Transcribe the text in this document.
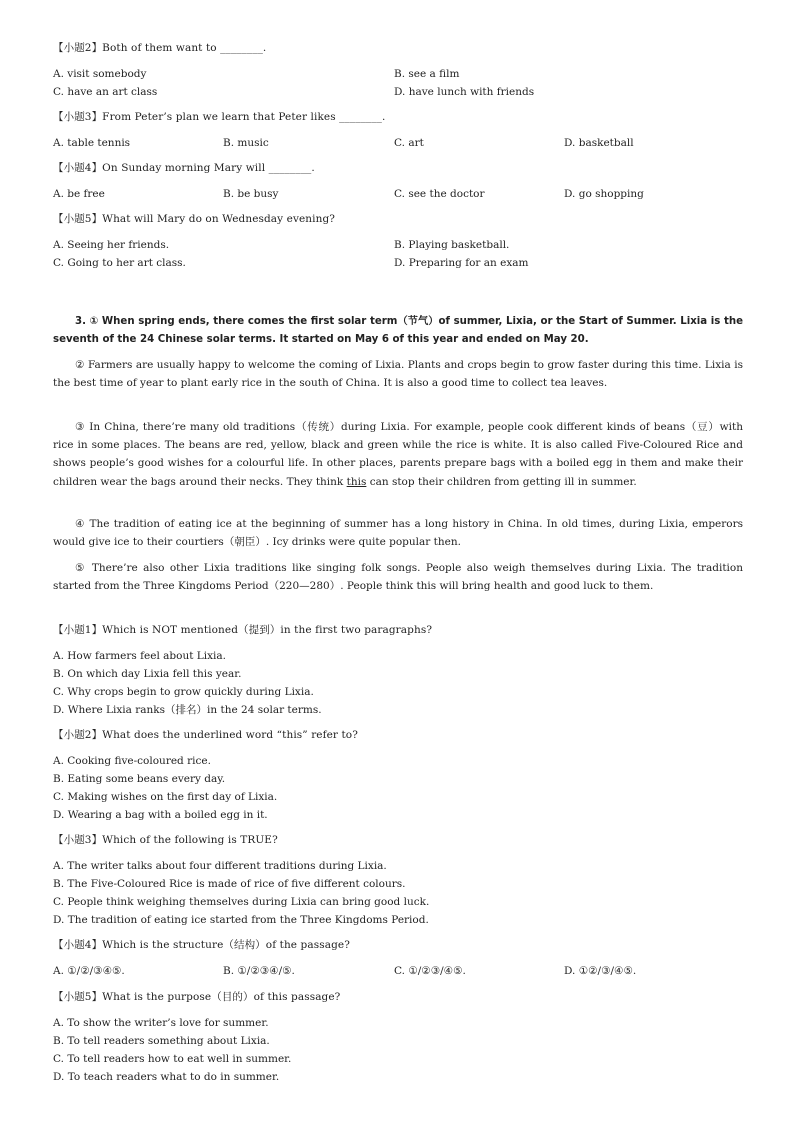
【小题2】Both of them want to ________.
A. visit somebody	B. see a film
C. have an art class	D. have lunch with friends
【小题3】From Peter’s plan we learn that Peter likes ________.
A. table tennis	B. music	C. art	D. basketball
【小题4】On Sunday morning Mary will ________.
A. be free	B. be busy	C. see the doctor	D. go shopping
【小题5】What will Mary do on Wednesday evening?
A. Seeing her friends.	B. Playing basketball.
C. Going to her art class.	D. Preparing for an exam
3. ① When spring ends, there comes the first solar term（节气）of summer, Lixia, or the Start of Summer. Lixia is the seventh of the 24 Chinese solar terms. It started on May 6 of this year and ended on May 20.
② Farmers are usually happy to welcome the coming of Lixia. Plants and crops begin to grow faster during this time. Lixia is the best time of year to plant early rice in the south of China. It is also a good time to collect tea leaves.
③ In China, there’re many old traditions（传统）during Lixia. For example, people cook different kinds of beans（豆）with rice in some places. The beans are red, yellow, black and green while the rice is white. It is also called Five-Coloured Rice and shows people’s good wishes for a colourful life. In other places, parents prepare bags with a boiled egg in them and make their children wear the bags around their necks. They think this can stop their children from getting ill in summer.
④ The tradition of eating ice at the beginning of summer has a long history in China. In old times, during Lixia, emperors would give ice to their courtiers（朝臣）. Icy drinks were quite popular then.
⑤ There’re also other Lixia traditions like singing folk songs. People also weigh themselves during Lixia. The tradition started from the Three Kingdoms Period（220—280）. People think this will bring health and good luck to them.
【小题1】Which is NOT mentioned（提到）in the first two paragraphs?
A. How farmers feel about Lixia.
B. On which day Lixia fell this year.
C. Why crops begin to grow quickly during Lixia.
D. Where Lixia ranks（排名）in the 24 solar terms.
【小题2】What does the underlined word “this” refer to?
A. Cooking five-coloured rice.
B. Eating some beans every day.
C. Making wishes on the first day of Lixia.
D. Wearing a bag with a boiled egg in it.
【小题3】Which of the following is TRUE?
A. The writer talks about four different traditions during Lixia.
B. The Five-Coloured Rice is made of rice of five different colours.
C. People think weighing themselves during Lixia can bring good luck.
D. The tradition of eating ice started from the Three Kingdoms Period.
【小题4】Which is the structure（结构）of the passage?
A. ①/②/③④⑤.	B. ①/②③④/⑤.	C. ①/②③/④⑤.	D. ①②/③/④⑤.
【小题5】What is the purpose（目的）of this passage?
A. To show the writer’s love for summer.
B. To tell readers something about Lixia.
C. To tell readers how to eat well in summer.
D. To teach readers what to do in summer.
